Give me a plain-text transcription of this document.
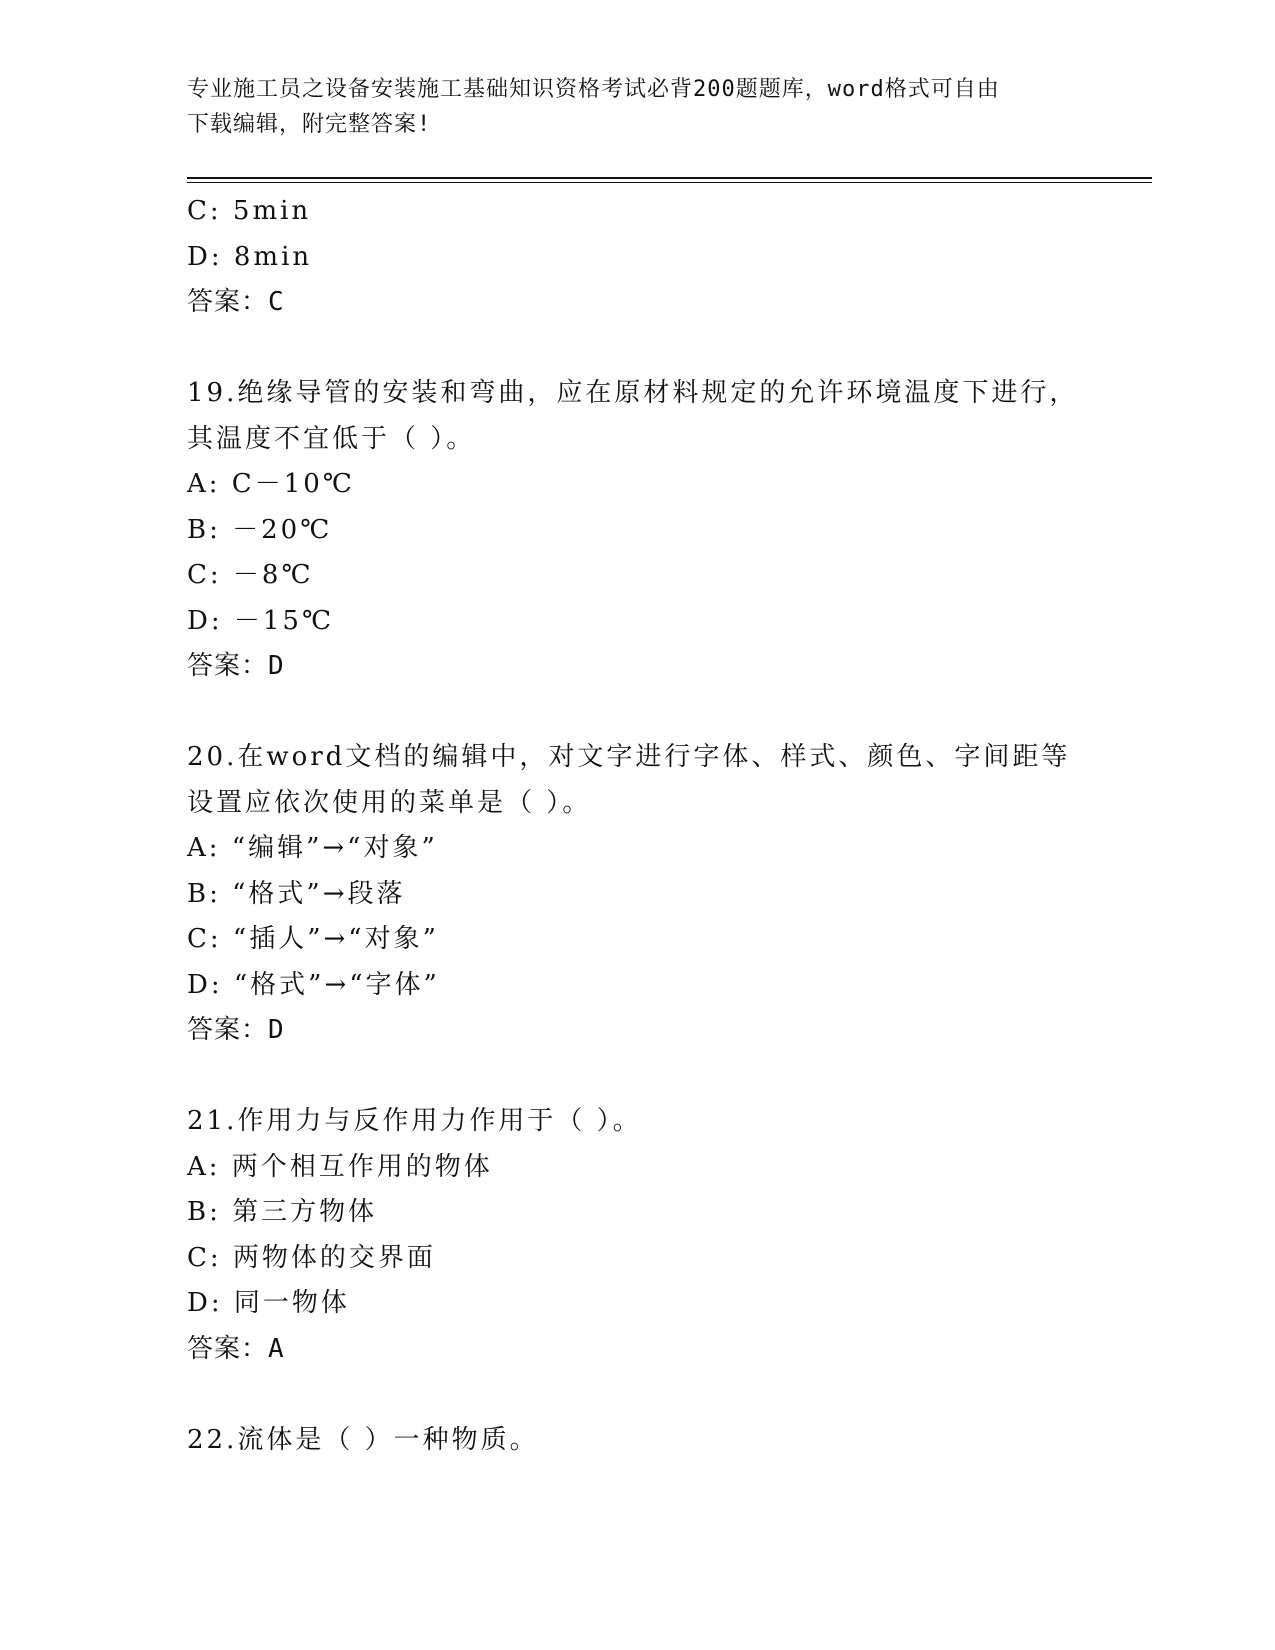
专业施工员之设备安装施工基础知识资格考试必背200题题库，word格式可自由
下载编辑，附完整答案!
C: 5min
D: 8min
答案：C
19.绝缘导管的安装和弯曲，应在原材料规定的允许环境温度下进行，
其温度不宜低于（ ）。
A: C－10℃
B: －20℃
C: －8℃
D: －15℃
答案：D
20.在word文档的编辑中，对文字进行字体、样式、颜色、字间距等
设置应依次使用的菜单是（ ）。
A: “编辑”→“对象”
B: “格式”→段落
C: “插人”→“对象”
D: “格式”→“字体”
答案：D
21.作用力与反作用力作用于（ ）。
A: 两个相互作用的物体
B: 第三方物体
C: 两物体的交界面
D: 同一物体
答案：A
22.流体是（ ）一种物质。
